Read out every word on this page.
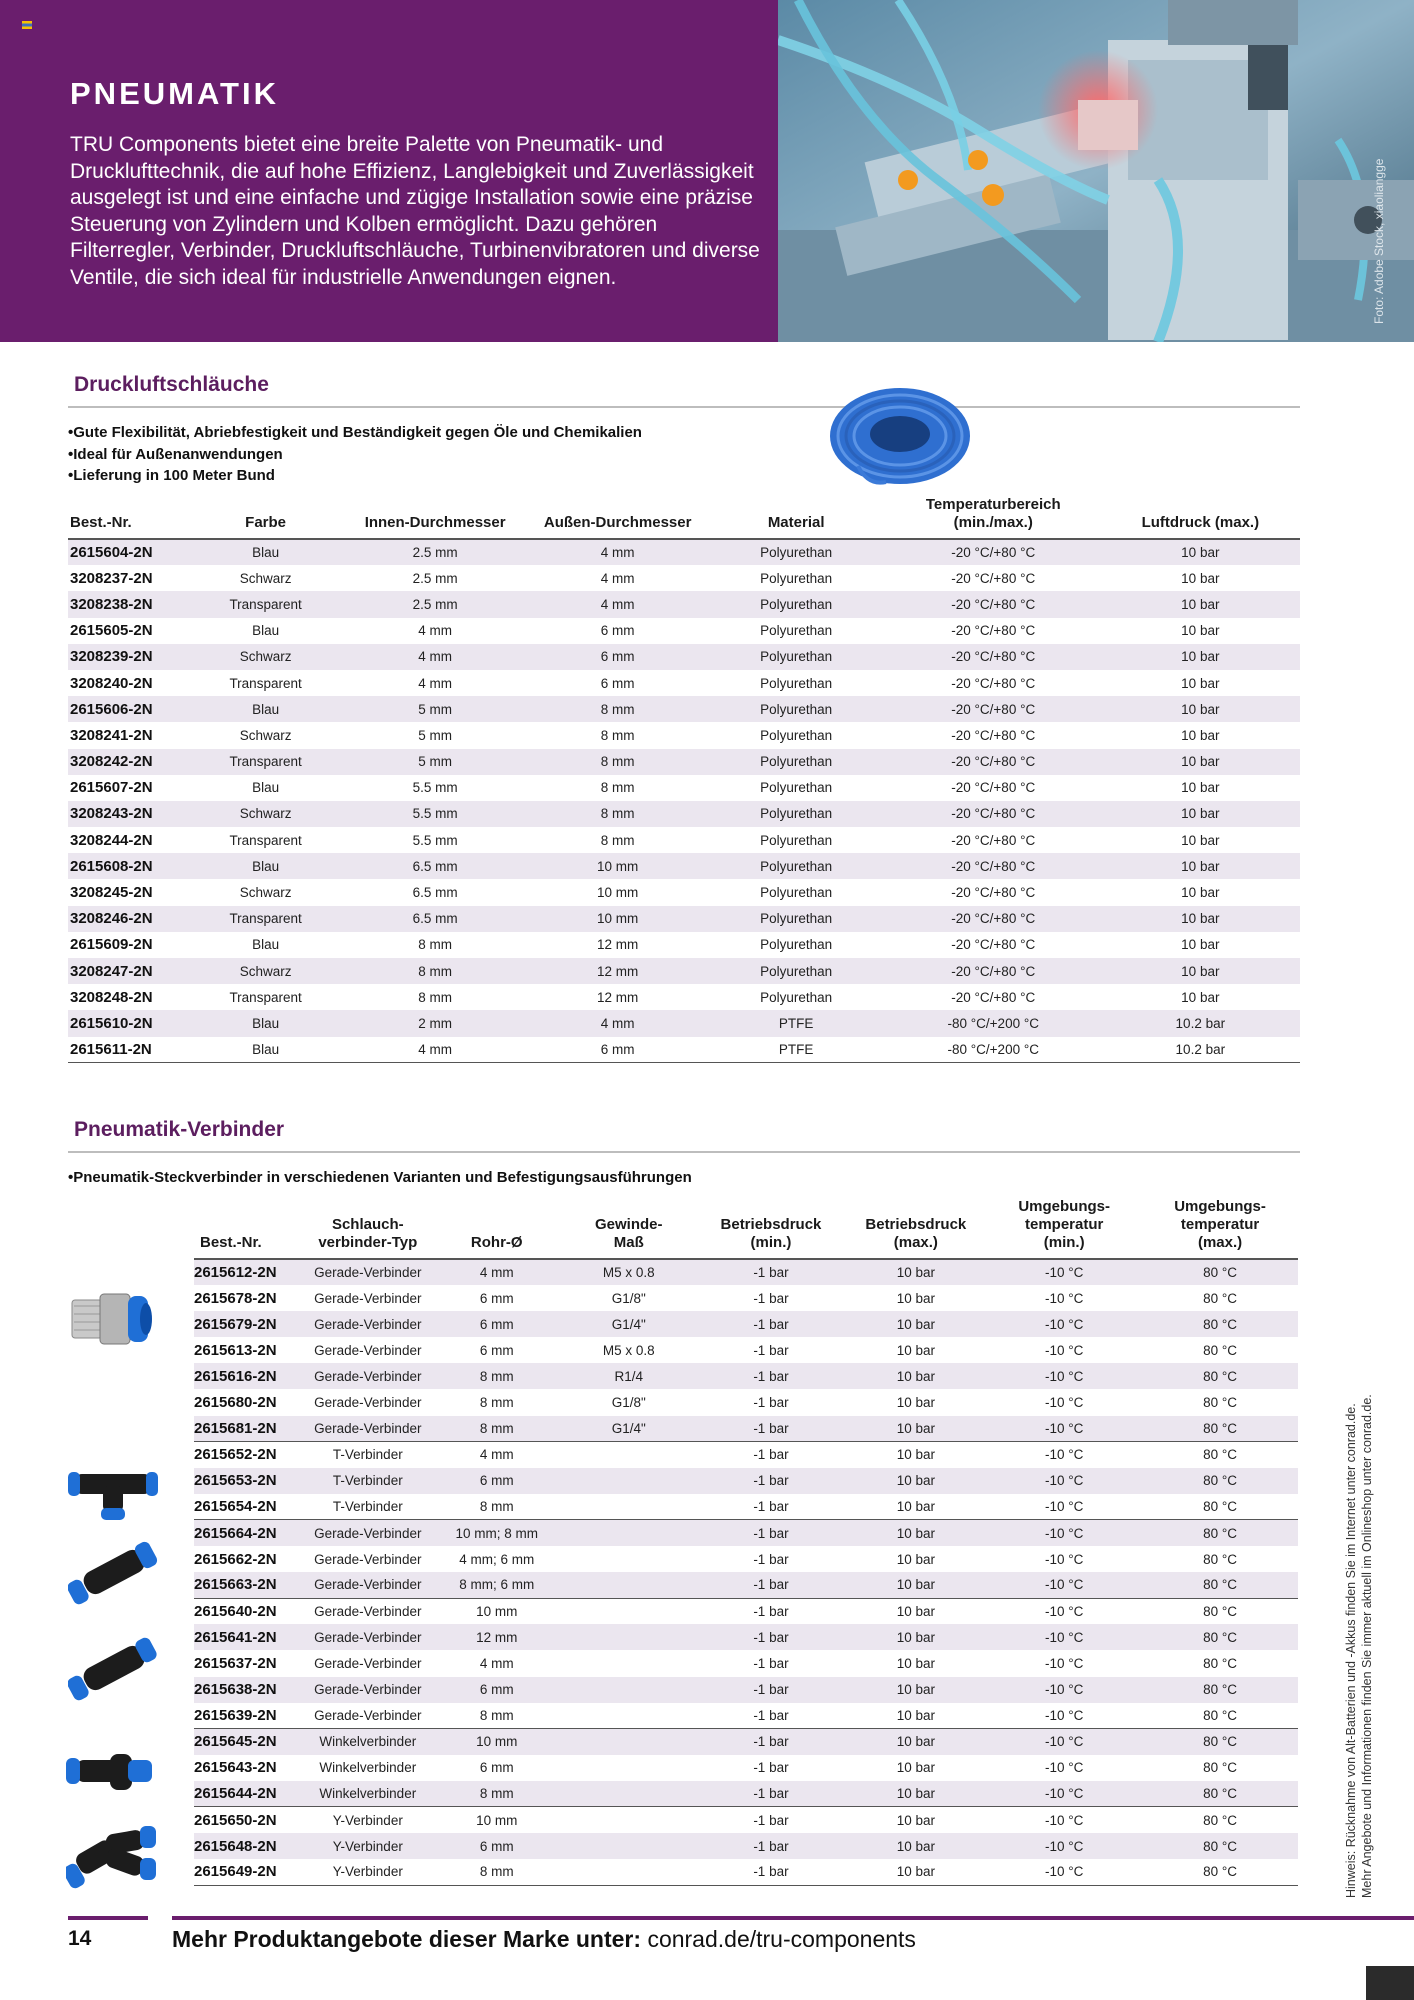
PNEUMATIK
TRU Components bietet eine breite Palette von Pneumatik- und Drucklufttechnik, die auf hohe Effizienz, Langlebigkeit und Zuverlässigkeit ausgelegt ist und eine einfache und zügige Installation sowie eine präzise Steuerung von Zylindern und Kolben ermöglicht. Dazu gehören Filterregler, Verbinder, Druckluftschläuche, Turbinenvibratoren und diverse Ventile, die sich ideal für industrielle Anwendungen eignen.	Foto: Adobe Stock, xiaoliangge
Druckluftschläuche
• Gute Flexibilität, Abriebfestigkeit und Beständigkeit gegen Öle und Chemikalien
• Ideal für Außenanwendungen
• Lieferung in 100 Meter Bund
Best.-Nr.	Farbe	Innen-Durchmesser	Außen-Durchmesser	Material	Temperaturbereich (min./max.)	Luftdruck (max.)
2615604-2N	Blau	2.5 mm	4 mm	Polyurethan	-20 °C/+80 °C	10 bar
3208237-2N	Schwarz	2.5 mm	4 mm	Polyurethan	-20 °C/+80 °C	10 bar
3208238-2N	Transparent	2.5 mm	4 mm	Polyurethan	-20 °C/+80 °C	10 bar
2615605-2N	Blau	4 mm	6 mm	Polyurethan	-20 °C/+80 °C	10 bar
3208239-2N	Schwarz	4 mm	6 mm	Polyurethan	-20 °C/+80 °C	10 bar
3208240-2N	Transparent	4 mm	6 mm	Polyurethan	-20 °C/+80 °C	10 bar
2615606-2N	Blau	5 mm	8 mm	Polyurethan	-20 °C/+80 °C	10 bar
3208241-2N	Schwarz	5 mm	8 mm	Polyurethan	-20 °C/+80 °C	10 bar
3208242-2N	Transparent	5 mm	8 mm	Polyurethan	-20 °C/+80 °C	10 bar
2615607-2N	Blau	5.5 mm	8 mm	Polyurethan	-20 °C/+80 °C	10 bar
3208243-2N	Schwarz	5.5 mm	8 mm	Polyurethan	-20 °C/+80 °C	10 bar
3208244-2N	Transparent	5.5 mm	8 mm	Polyurethan	-20 °C/+80 °C	10 bar
2615608-2N	Blau	6.5 mm	10 mm	Polyurethan	-20 °C/+80 °C	10 bar
3208245-2N	Schwarz	6.5 mm	10 mm	Polyurethan	-20 °C/+80 °C	10 bar
3208246-2N	Transparent	6.5 mm	10 mm	Polyurethan	-20 °C/+80 °C	10 bar
2615609-2N	Blau	8 mm	12 mm	Polyurethan	-20 °C/+80 °C	10 bar
3208247-2N	Schwarz	8 mm	12 mm	Polyurethan	-20 °C/+80 °C	10 bar
3208248-2N	Transparent	8 mm	12 mm	Polyurethan	-20 °C/+80 °C	10 bar
2615610-2N	Blau	2 mm	4 mm	PTFE	-80 °C/+200 °C	10.2 bar
2615611-2N	Blau	4 mm	6 mm	PTFE	-80 °C/+200 °C	10.2 bar
Pneumatik-Verbinder
• Pneumatik-Steckverbinder in verschiedenen Varianten und Befestigungsausführungen
Best.-Nr.	Schlauch-verbinder-Typ	Rohr-Ø	Gewinde-Maß	Betriebsdruck (min.)	Betriebsdruck (max.)	Umgebungs-temperatur (min.)	Umgebungs-temperatur (max.)
2615612-2N	Gerade-Verbinder	4 mm	M5 x 0.8	-1 bar	10 bar	-10 °C	80 °C
2615678-2N	Gerade-Verbinder	6 mm	G1/8"	-1 bar	10 bar	-10 °C	80 °C
2615679-2N	Gerade-Verbinder	6 mm	G1/4"	-1 bar	10 bar	-10 °C	80 °C
2615613-2N	Gerade-Verbinder	6 mm	M5 x 0.8	-1 bar	10 bar	-10 °C	80 °C
2615616-2N	Gerade-Verbinder	8 mm	R1/4	-1 bar	10 bar	-10 °C	80 °C
2615680-2N	Gerade-Verbinder	8 mm	G1/8"	-1 bar	10 bar	-10 °C	80 °C
2615681-2N	Gerade-Verbinder	8 mm	G1/4"	-1 bar	10 bar	-10 °C	80 °C
2615652-2N	T-Verbinder	4 mm		-1 bar	10 bar	-10 °C	80 °C
2615653-2N	T-Verbinder	6 mm		-1 bar	10 bar	-10 °C	80 °C
2615654-2N	T-Verbinder	8 mm		-1 bar	10 bar	-10 °C	80 °C
2615664-2N	Gerade-Verbinder	10 mm; 8 mm		-1 bar	10 bar	-10 °C	80 °C
2615662-2N	Gerade-Verbinder	4 mm; 6 mm		-1 bar	10 bar	-10 °C	80 °C
2615663-2N	Gerade-Verbinder	8 mm; 6 mm		-1 bar	10 bar	-10 °C	80 °C
2615640-2N	Gerade-Verbinder	10 mm		-1 bar	10 bar	-10 °C	80 °C
2615641-2N	Gerade-Verbinder	12 mm		-1 bar	10 bar	-10 °C	80 °C
2615637-2N	Gerade-Verbinder	4 mm		-1 bar	10 bar	-10 °C	80 °C
2615638-2N	Gerade-Verbinder	6 mm		-1 bar	10 bar	-10 °C	80 °C
2615639-2N	Gerade-Verbinder	8 mm		-1 bar	10 bar	-10 °C	80 °C
2615645-2N	Winkelverbinder	10 mm		-1 bar	10 bar	-10 °C	80 °C
2615643-2N	Winkelverbinder	6 mm		-1 bar	10 bar	-10 °C	80 °C
2615644-2N	Winkelverbinder	8 mm		-1 bar	10 bar	-10 °C	80 °C
2615650-2N	Y-Verbinder	10 mm		-1 bar	10 bar	-10 °C	80 °C
2615648-2N	Y-Verbinder	6 mm		-1 bar	10 bar	-10 °C	80 °C
2615649-2N	Y-Verbinder	8 mm		-1 bar	10 bar	-10 °C	80 °C	Hinweis: Rücknahme von Alt-Batterien und -Akkus finden Sie im Internet unter conrad.de. Mehr Angebote und Informationen finden Sie immer aktuell im Onlineshop unter conrad.de.
14	Mehr Produktangebote dieser Marke unter: conrad.de/tru-components
